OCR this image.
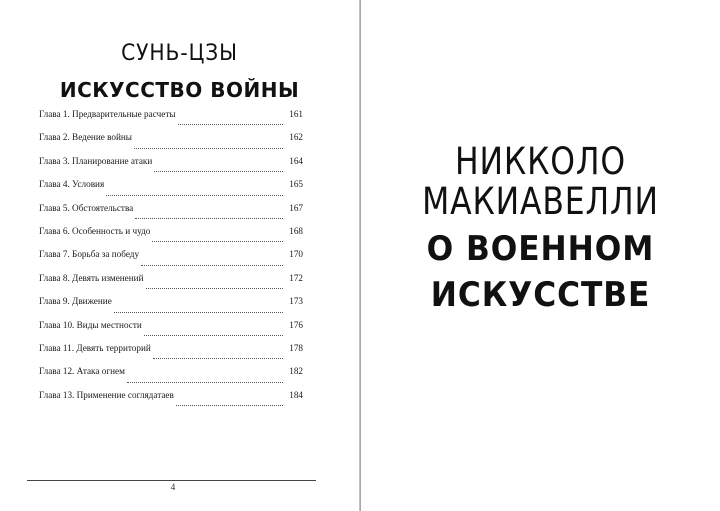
СУНЬ-ЦЗЫ
ИСКУССТВО ВОЙНЫ
Глава 1. Предварительные расчеты	161
Глава 2. Ведение войны	162
Глава 3. Планирование атаки	164
Глава 4. Условия	165
Глава 5. Обстоятельства	167
Глава 6. Особенность и чудо	168
Глава 7. Борьба за победу	170
Глава 8. Девять изменений	172
Глава 9. Движение	173
Глава 10. Виды местности	176
Глава 11. Девять территорий	178
Глава 12. Атака огнем	182
Глава 13. Применение соглядатаев	184
4
НИККОЛО
МАКИАВЕЛЛИ
О ВОЕННОМ
ИСКУССТВЕ
